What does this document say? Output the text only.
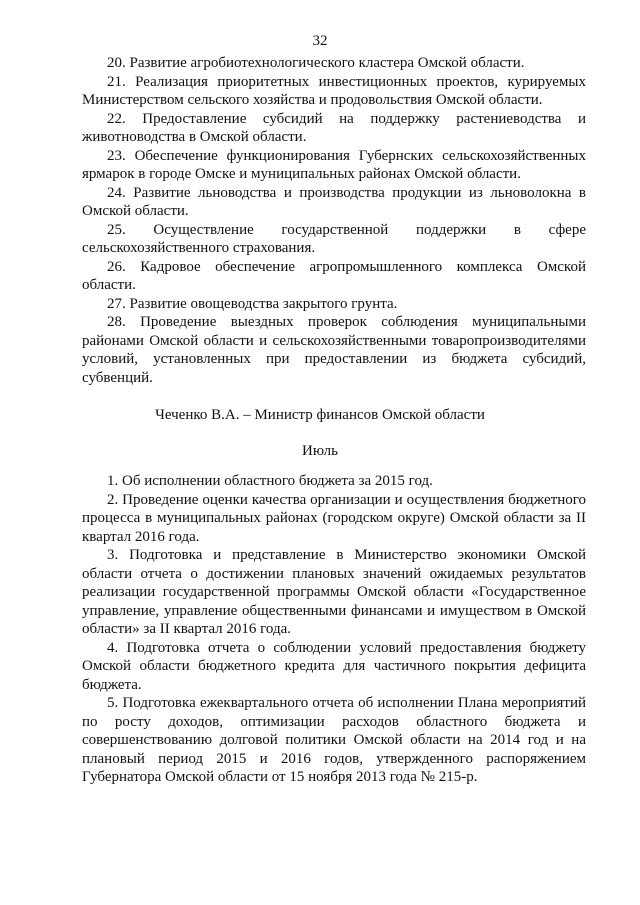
32

20. Развитие агробиотехнологического кластера Омской области.

21. Реализация приоритетных инвестиционных проектов, курируемых Министерством сельского хозяйства и продовольствия Омской области.

22. Предоставление субсидий на поддержку растениеводства и животноводства в Омской области.

23. Обеспечение функционирования Губернских сельскохозяйственных ярмарок в городе Омске и муниципальных районах Омской области.

24. Развитие льноводства и производства продукции из льноволокна в Омской области.

25. Осуществление государственной поддержки в сфере сельскохозяйственного страхования.

26. Кадровое обеспечение агропромышленного комплекса Омской области.

27. Развитие овощеводства закрытого грунта.

28. Проведение выездных проверок соблюдения муниципальными районами Омской области и сельскохозяйственными товаропроизводителями условий, установленных при предоставлении из бюджета субсидий, субвенций.

Чеченко В.А. – Министр финансов Омской области
Июль

1. Об исполнении областного бюджета за 2015 год.

2. Проведение оценки качества организации и осуществления бюджетного процесса в муниципальных районах (городском округе) Омской области за II квартал 2016 года.

3. Подготовка и представление в Министерство экономики Омской области отчета о достижении плановых значений ожидаемых результатов реализации государственной программы Омской области «Государственное управление, управление общественными финансами и имуществом в Омской области» за II квартал 2016 года.

4. Подготовка отчета о соблюдении условий предоставления бюджету Омской области бюджетного кредита для частичного покрытия дефицита бюджета.

5. Подготовка ежеквартального отчета об исполнении Плана мероприятий по росту доходов, оптимизации расходов областного бюджета и совершенствованию долговой политики Омской области на 2014 год и на плановый период 2015 и 2016 годов, утвержденного распоряжением Губернатора Омской области от 15 ноября 2013 года № 215-р.
